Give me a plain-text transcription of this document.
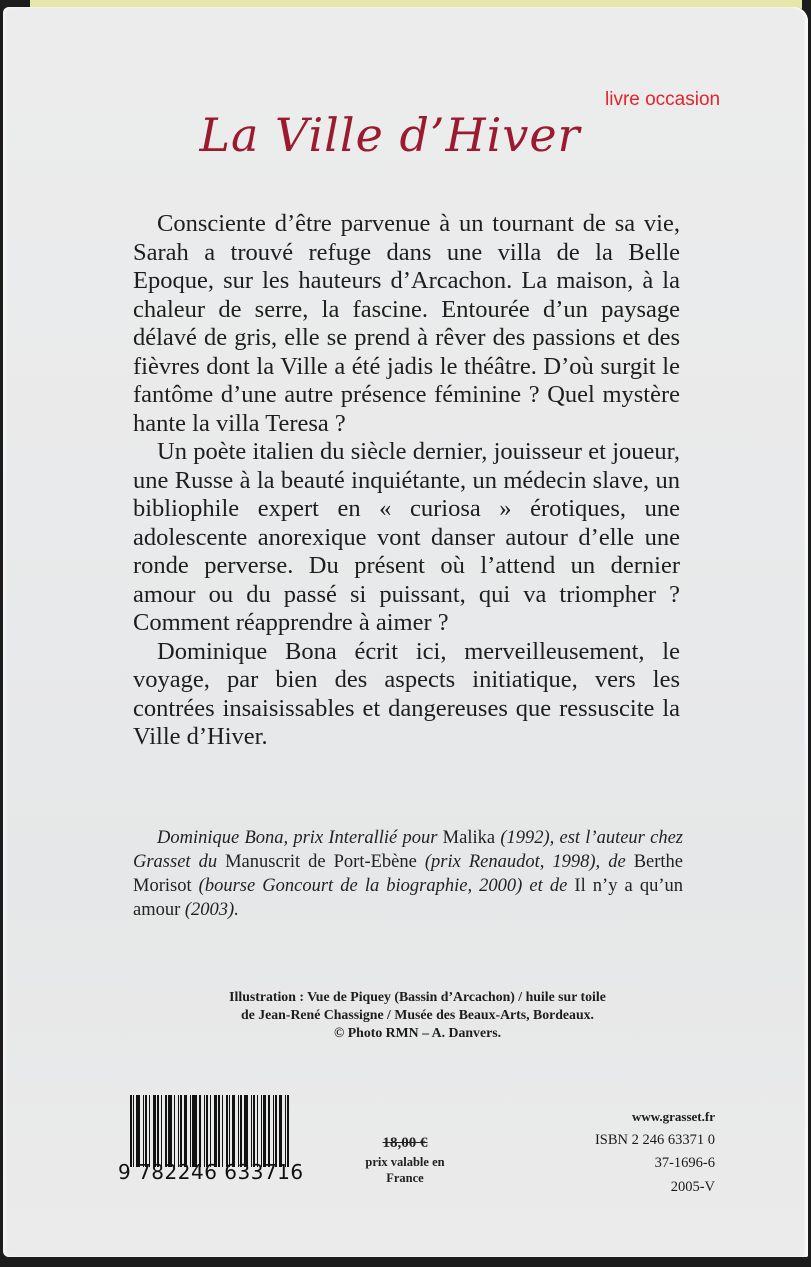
livre occasion
La Ville d’Hiver

Consciente d’être parvenue à un tournant de sa vie, Sarah a trouvé refuge dans une villa de la Belle Epoque, sur les hauteurs d’Arcachon. La maison, à la chaleur de serre, la fascine. Entourée d’un paysage délavé de gris, elle se prend à rêver des passions et des fièvres dont la Ville a été jadis le théâtre. D’où surgit le fantôme d’une autre présence féminine ? Quel mystère hante la villa Teresa ?

Un poète italien du siècle dernier, jouisseur et joueur, une Russe à la beauté inquiétante, un médecin slave, un bibliophile expert en « curiosa » érotiques, une adolescente anorexique vont danser autour d’elle une ronde perverse. Du présent où l’attend un dernier amour ou du passé si puissant, qui va triompher ? Comment réapprendre à aimer ?

Dominique Bona écrit ici, merveilleusement, le voyage, par bien des aspects initiatique, vers les contrées insaisissables et dangereuses que ressuscite la Ville d’Hiver.

Dominique Bona, prix Interallié pour Malika (1992), est l’auteur chez Grasset du Manuscrit de Port-Ebène (prix Renaudot, 1998), de Berthe Morisot (bourse Goncourt de la biographie, 2000) et de Il n’y a qu’un amour (2003).
Illustration : Vue de Piquey (Bassin d’Arcachon) / huile sur toile
de Jean-René Chassigne / Musée des Beaux-Arts, Bordeaux.
© Photo RMN – A. Danvers.
9 782246 633716
18,00 €
prix valable en
France
www.grasset.fr
ISBN 2 246 63371 0
37-1696-6
2005-V
